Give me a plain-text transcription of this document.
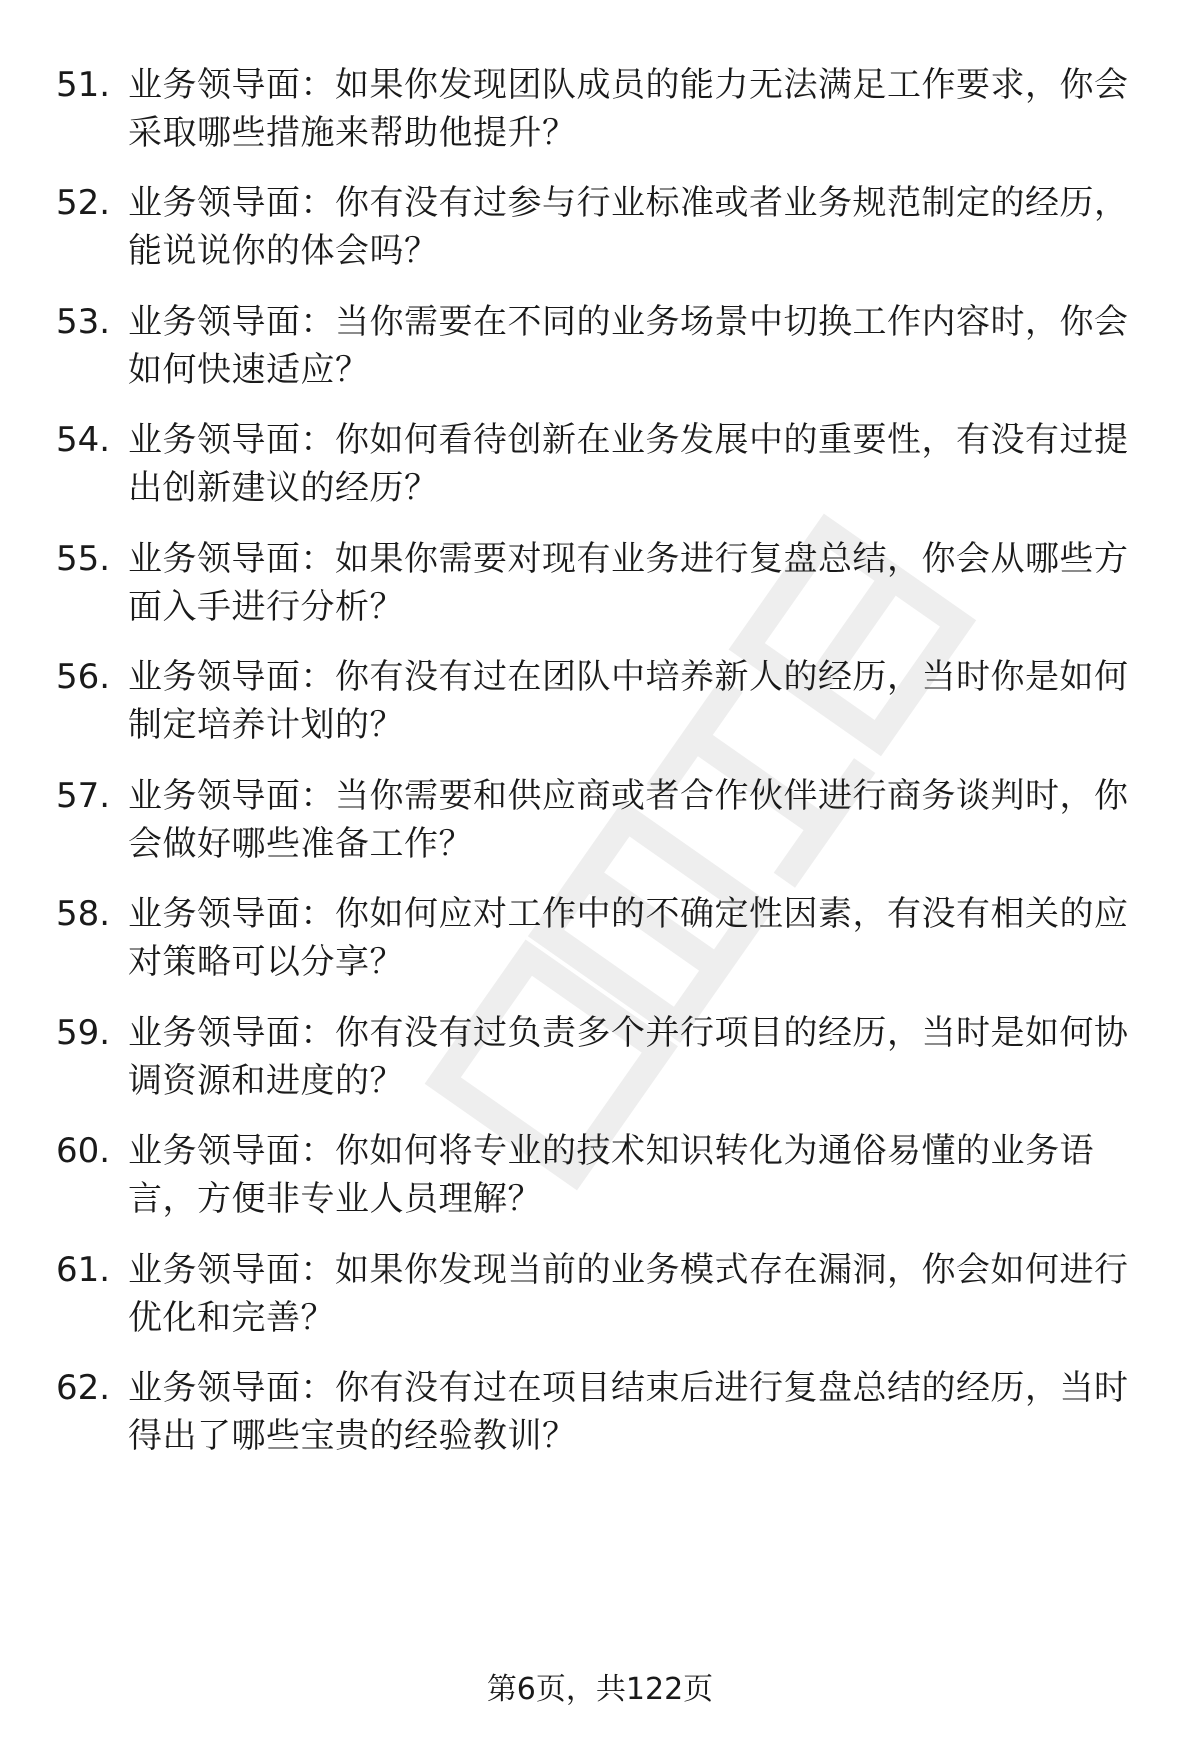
51. 业务领导面：如果你发现团队成员的能力无法满足工作要求，你会采取哪些措施来帮助他提升？
52. 业务领导面：你有没有过参与行业标准或者业务规范制定的经历，能说说你的体会吗？
53. 业务领导面：当你需要在不同的业务场景中切换工作内容时，你会如何快速适应？
54. 业务领导面：你如何看待创新在业务发展中的重要性，有没有过提出创新建议的经历？
55. 业务领导面：如果你需要对现有业务进行复盘总结，你会从哪些方面入手进行分析？
56. 业务领导面：你有没有过在团队中培养新人的经历，当时你是如何制定培养计划的？
57. 业务领导面：当你需要和供应商或者合作伙伴进行商务谈判时，你会做好哪些准备工作？
58. 业务领导面：你如何应对工作中的不确定性因素，有没有相关的应对策略可以分享？
59. 业务领导面：你有没有过负责多个并行项目的经历，当时是如何协调资源和进度的？
60. 业务领导面：你如何将专业的技术知识转化为通俗易懂的业务语言，方便非专业人员理解？
61. 业务领导面：如果你发现当前的业务模式存在漏洞，你会如何进行优化和完善？
62. 业务领导面：你有没有过在项目结束后进行复盘总结的经历，当时得出了哪些宝贵的经验教训？
第6页，共122页
